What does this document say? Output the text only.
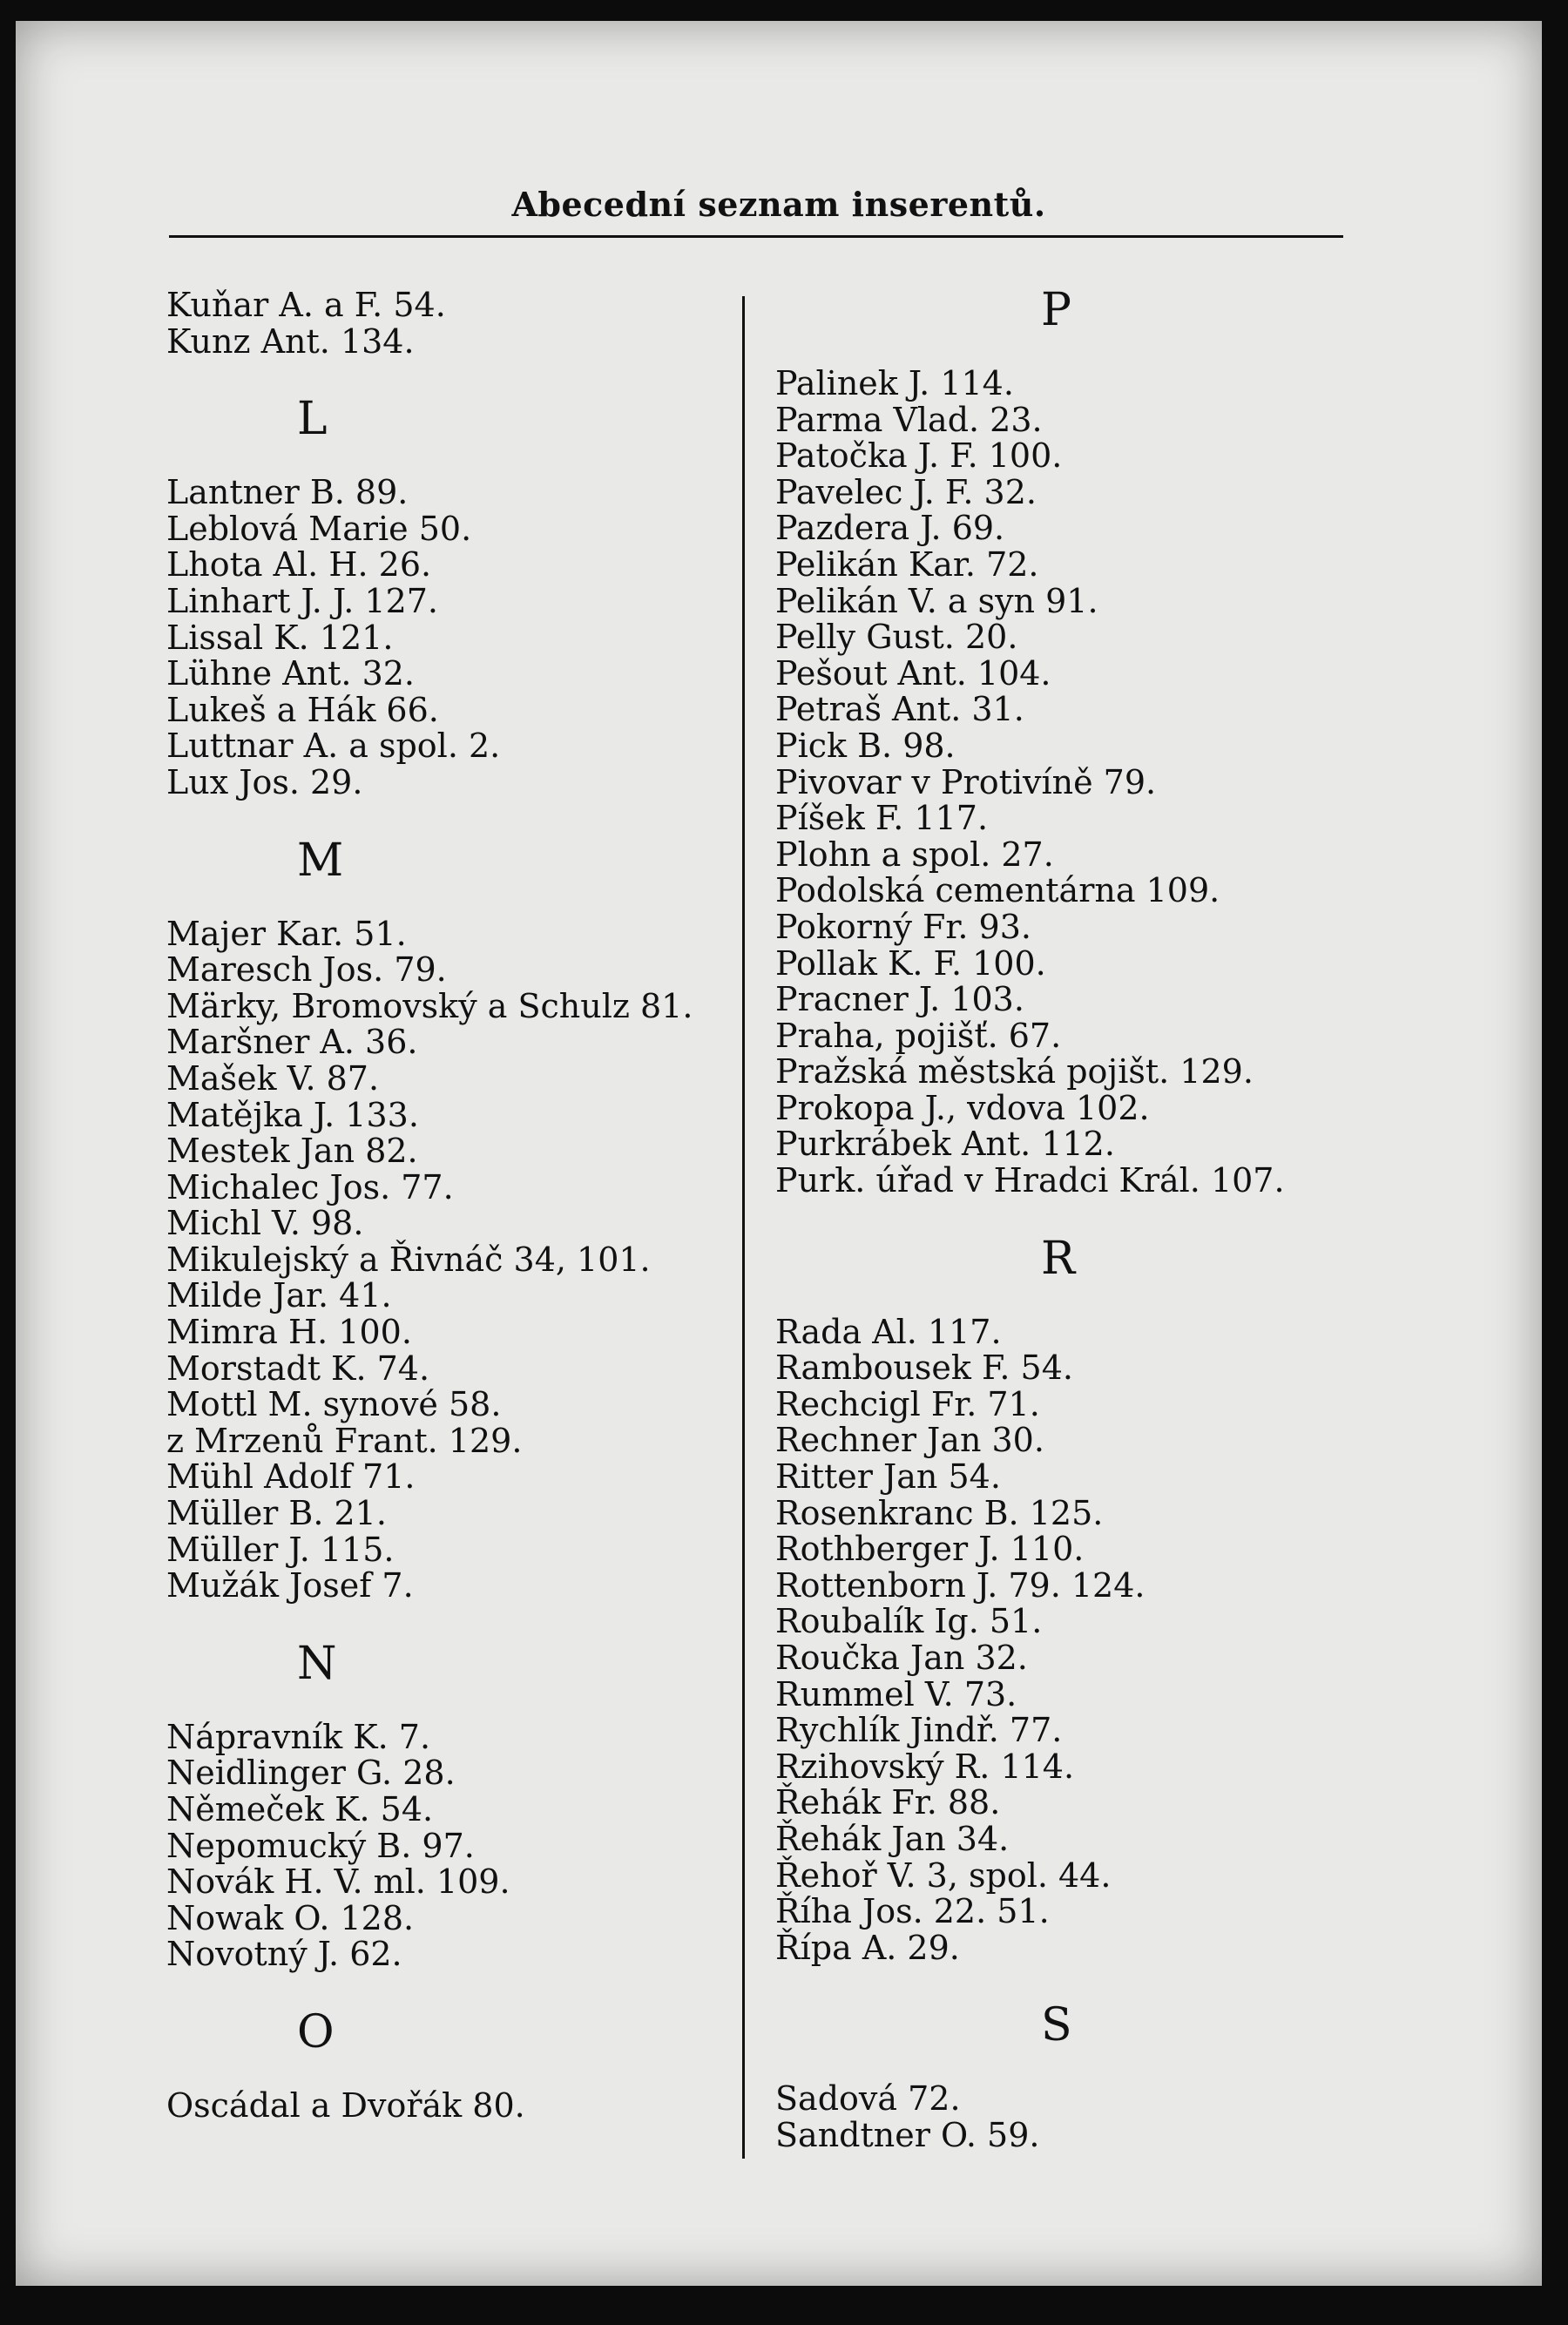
Abecední seznam inserentů.
Kuňar A. a F. 54.
Kunz Ant. 134.
L
Lantner B. 89.
Leblová Marie 50.
Lhota Al. H. 26.
Linhart J. J. 127.
Lissal K. 121.
Lühne Ant. 32.
Lukeš a Hák 66.
Luttnar A. a spol. 2.
Lux Jos. 29.
M
Majer Kar. 51.
Maresch Jos. 79.
Märky, Bromovský a Schulz 81.
Maršner A. 36.
Mašek V. 87.
Matějka J. 133.
Mestek Jan 82.
Michalec Jos. 77.
Michl V. 98.
Mikulejský a Řivnáč 34, 101.
Milde Jar. 41.
Mimra H. 100.
Morstadt K. 74.
Mottl M. synové 58.
z Mrzenů Frant. 129.
Mühl Adolf 71.
Müller B. 21.
Müller J. 115.
Mužák Josef 7.
N
Nápravník K. 7.
Neidlinger G. 28.
Němeček K. 54.
Nepomucký B. 97.
Novák H. V. ml. 109.
Nowak O. 128.
Novotný J. 62.
O
Oscádal a Dvořák 80.
P
Palinek J. 114.
Parma Vlad. 23.
Patočka J. F. 100.
Pavelec J. F. 32.
Pazdera J. 69.
Pelikán Kar. 72.
Pelikán V. a syn 91.
Pelly Gust. 20.
Pešout Ant. 104.
Petraš Ant. 31.
Pick B. 98.
Pivovar v Protivíně 79.
Píšek F. 117.
Plohn a spol. 27.
Podolská cementárna 109.
Pokorný Fr. 93.
Pollak K. F. 100.
Pracner J. 103.
Praha, pojišť. 67.
Pražská městská pojišt. 129.
Prokopa J., vdova 102.
Purkrábek Ant. 112.
Purk. úřad v Hradci Král. 107.
R
Rada Al. 117.
Rambousek F. 54.
Rechcigl Fr. 71.
Rechner Jan 30.
Ritter Jan 54.
Rosenkranc B. 125.
Rothberger J. 110.
Rottenborn J. 79. 124.
Roubalík Ig. 51.
Roučka Jan 32.
Rummel V. 73.
Rychlík Jindř. 77.
Rzihovský R. 114.
Řehák Fr. 88.
Řehák Jan 34.
Řehoř V. 3, spol. 44.
Říha Jos. 22. 51.
Řípa A. 29.
S
Sadová 72.
Sandtner O. 59.
